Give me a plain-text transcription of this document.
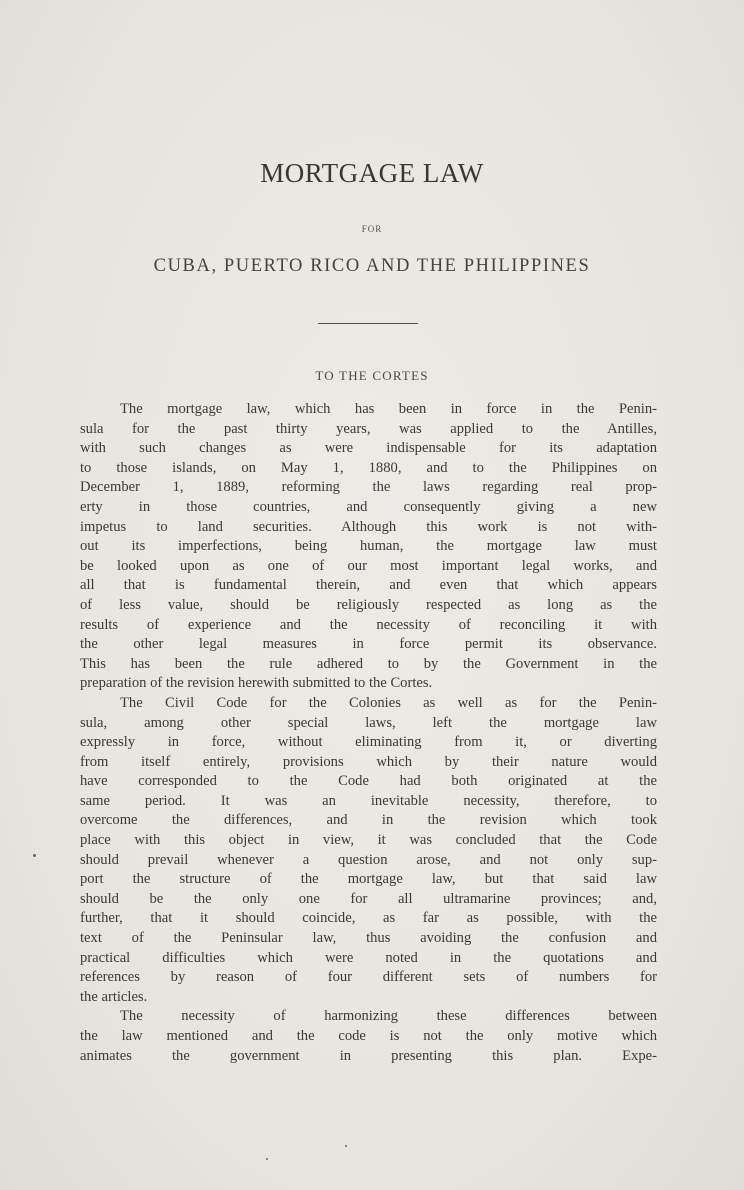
MORTGAGE LAW
FOR
CUBA, PUERTO RICO AND THE PHILIPPINES
TO THE CORTES
The mortgage law, which has been in force in the Penin-
sula for the past thirty years, was applied to the Antilles,
with such changes as were indispensable for its adaptation
to those islands, on May 1, 1880, and to the Philippines on
December 1, 1889, reforming the laws regarding real prop-
erty in those countries, and consequently giving a new
impetus to land securities. Although this work is not with-
out its imperfections, being human, the mortgage law must
be looked upon as one of our most important legal works, and
all that is fundamental therein, and even that which appears
of less value, should be religiously respected as long as the
results of experience and the necessity of reconciling it with
the other legal measures in force permit its observance.
This has been the rule adhered to by the Government in the
preparation of the revision herewith submitted to the Cortes.
The Civil Code for the Colonies as well as for the Penin-
sula, among other special laws, left the mortgage law
expressly in force, without eliminating from it, or diverting
from itself entirely, provisions which by their nature would
have corresponded to the Code had both originated at the
same period. It was an inevitable necessity, therefore, to
overcome the differences, and in the revision which took
place with this object in view, it was concluded that the Code
should prevail whenever a question arose, and not only sup-
port the structure of the mortgage law, but that said law
should be the only one for all ultramarine provinces; and,
further, that it should coincide, as far as possible, with the
text of the Peninsular law, thus avoiding the confusion and
practical difficulties which were noted in the quotations and
references by reason of four different sets of numbers for
the articles.
The necessity of harmonizing these differences between
the law mentioned and the code is not the only motive which
animates the government in presenting this plan. Expe-
